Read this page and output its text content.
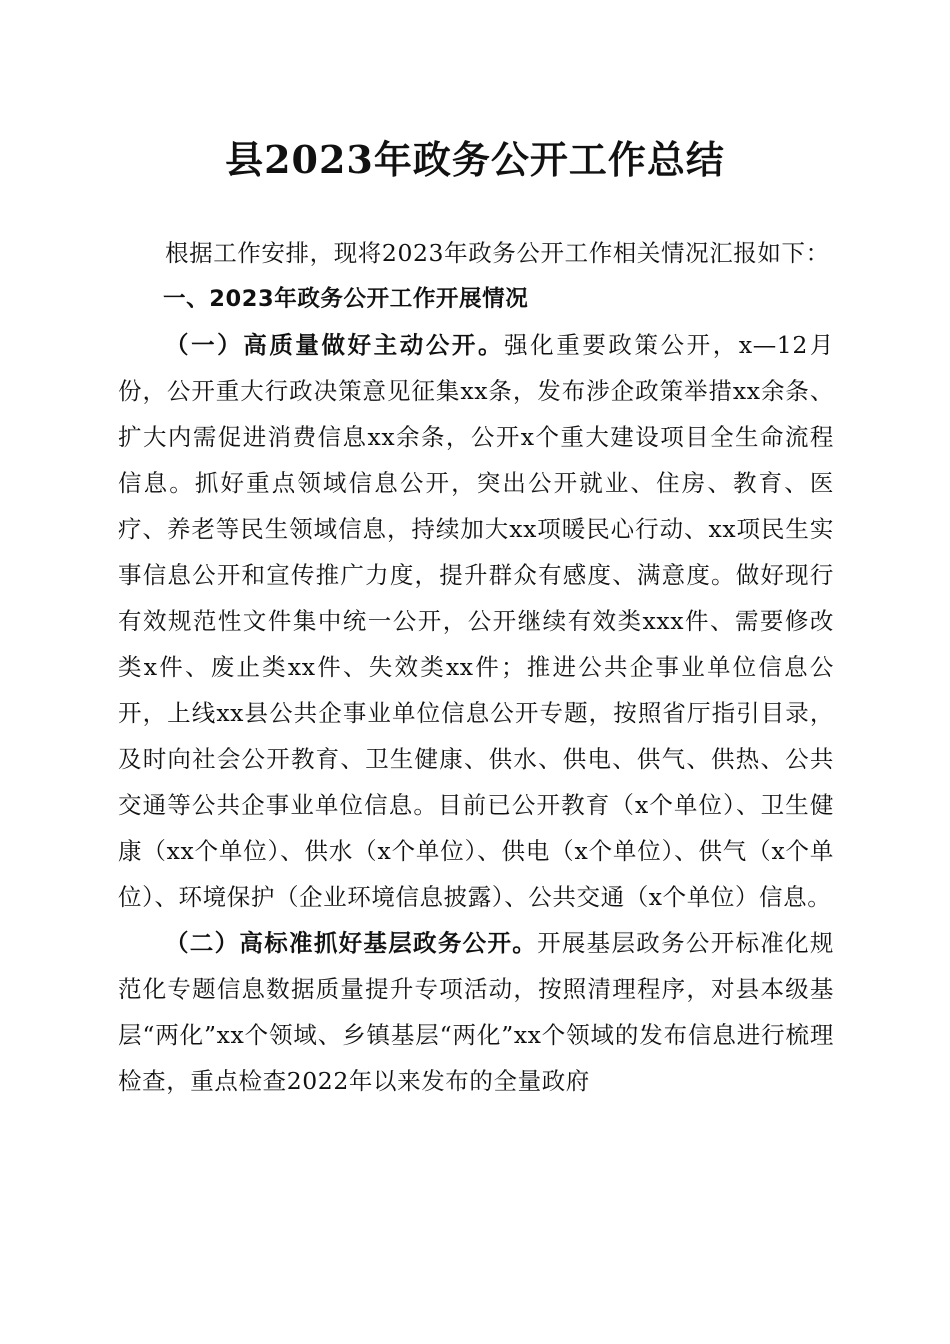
县2023年政务公开工作总结

根据工作安排，现将2023年政务公开工作相关情况汇报如下：

一、2023年政务公开工作开展情况

（一）高质量做好主动公开。强化重要政策公开，x—12月份，公开重大行政决策意见征集xx条，发布涉企政策举措xx余条、扩大内需促进消费信息xx余条，公开x个重大建设项目全生命流程信息。抓好重点领域信息公开，突出公开就业、住房、教育、医疗、养老等民生领域信息，持续加大xx项暖民心行动、xx项民生实事信息公开和宣传推广力度，提升群众有感度、满意度。做好现行有效规范性文件集中统一公开，公开继续有效类xxx件、需要修改类x件、废止类xx件、失效类xx件；推进公共企事业单位信息公开，上线xx县公共企事业单位信息公开专题，按照省厅指引目录，及时向社会公开教育、卫生健康、供水、供电、供气、供热、公共交通等公共企事业单位信息。目前已公开教育（x个单位）、卫生健康（xx个单位）、供水（x个单位）、供电（x个单位）、供气（x个单位）、环境保护（企业环境信息披露）、公共交通（x个单位）信息。

（二）高标准抓好基层政务公开。开展基层政务公开标准化规范化专题信息数据质量提升专项活动，按照清理程序，对县本级基层“两化”xx个领域、乡镇基层“两化”xx个领域的发布信息进行梳理检查，重点检查2022年以来发布的全量政府
